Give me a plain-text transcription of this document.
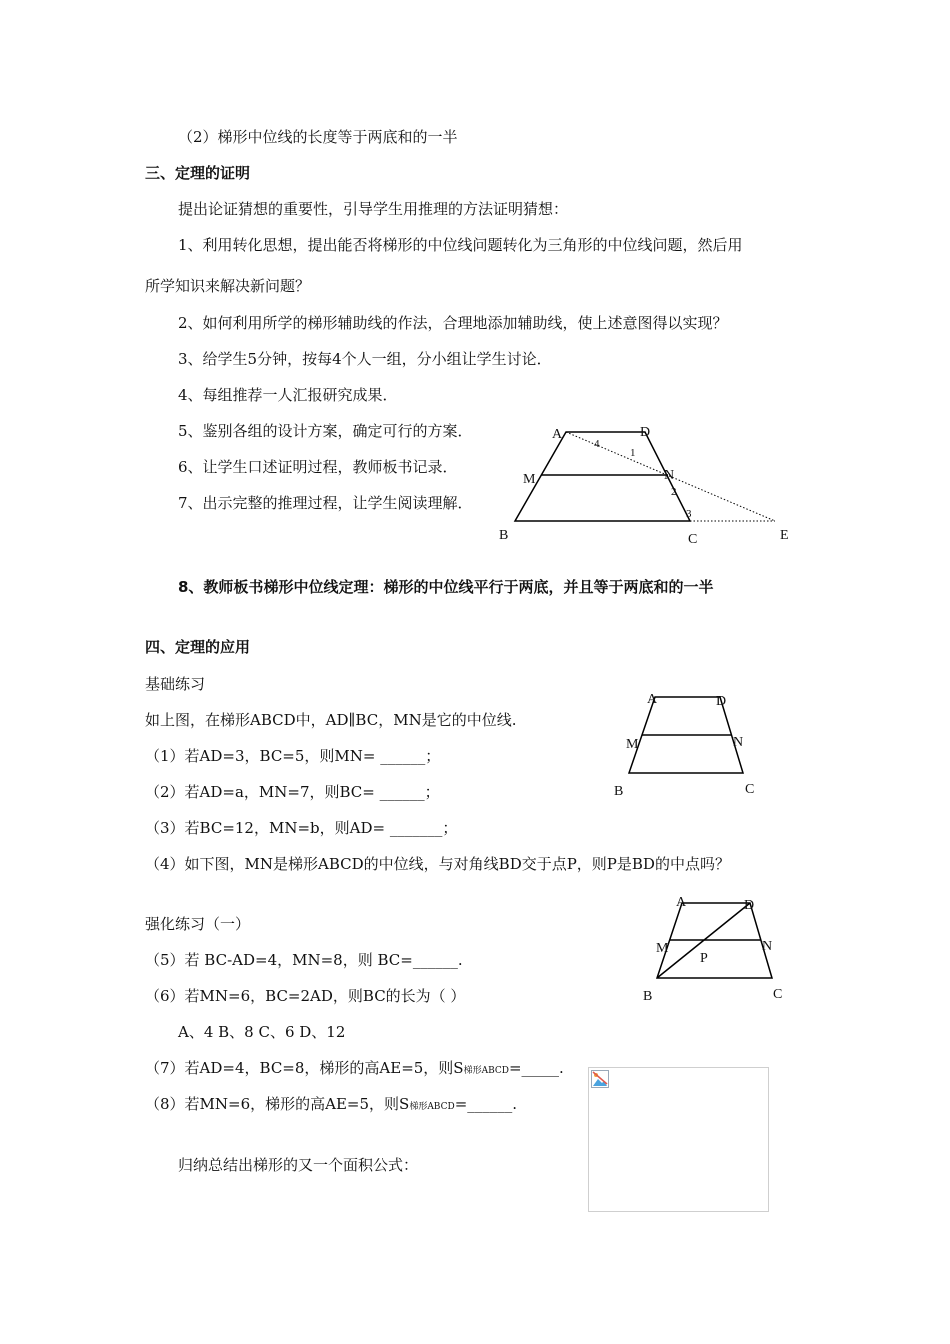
（2）梯形中位线的长度等于两底和的一半
三、定理的证明
提出论证猜想的重要性，引导学生用推理的方法证明猜想：
1、利用转化思想，提出能否将梯形的中位线问题转化为三角形的中位线问题，然后用
所学知识来解决新问题？
2、如何利用所学的梯形辅助线的作法，合理地添加辅助线，使上述意图得以实现？
3、给学生5分钟，按每4个人一组，分小组让学生讨论．
4、每组推荐一人汇报研究成果．
5、鉴别各组的设计方案，确定可行的方案．
6、让学生口述证明过程，教师板书记录．
7、出示完整的推理过程，让学生阅读理解．
A	D
M	N
B	C	E
4
1
2
3
8、教师板书梯形中位线定理：梯形的中位线平行于两底，并且等于两底和的一半
四、定理的应用
基础练习
如上图，在梯形ABCD中，AD∥BC，MN是它的中位线.
（1）若AD=3，BC=5，则MN= ______；
（2）若AD=a，MN=7，则BC= ______；
（3）若BC=12，MN=b，则AD= _______；
（4）如下图，MN是梯形ABCD的中位线，与对角线BD交于点P，则P是BD的中点吗？
A	D
M	N
B	C
强化练习（一）
（5）若 BC-AD=4，MN=8，则 BC=______.
（6）若MN=6，BC=2AD，则BC的长为（ ）
A、4 B、8 C、6 D、12
（7）若AD=4，BC=8，梯形的高AE=5，则S梯形ABCD=_____.
（8）若MN=6，梯形的高AE=5，则S梯形ABCD=______.
归纳总结出梯形的又一个面积公式：
A	D
M	N
P
B	C
